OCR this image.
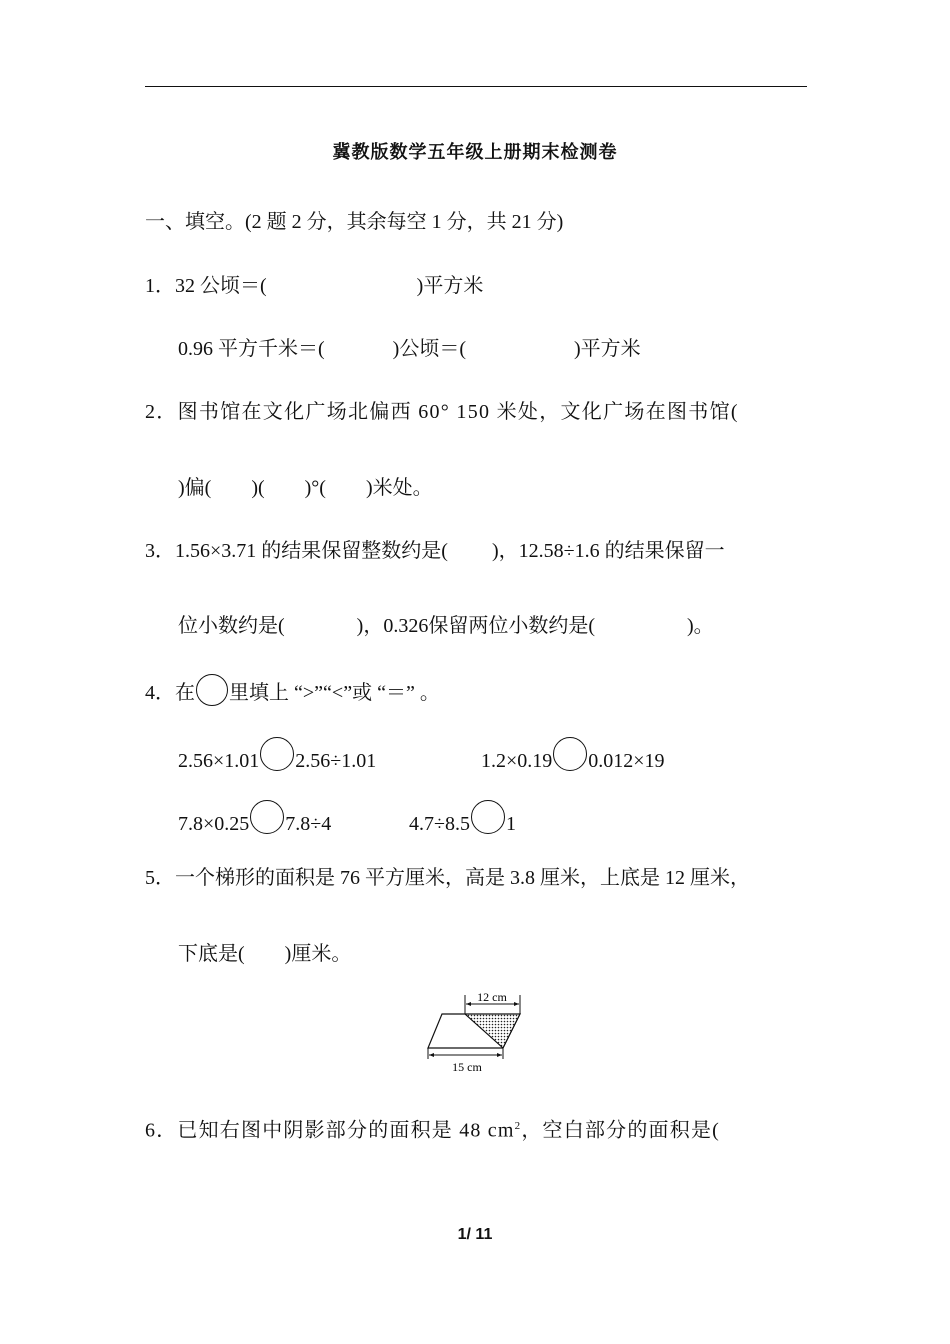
冀教版数学五年级上册期末检测卷
一、填空。(2 题 2 分，其余每空 1 分，共 21 分)
1．32 公顷＝(	)平方米
0.96 平方千米＝(	)公顷＝(	)平方米
2．图书馆在文化广场北偏西 60° 150 米处，文化广场在图书馆(
)偏(        )(        )°(        )米处。
3．1.56×3.71 的结果保留整数约是( )，12.58÷1.6 的结果保留一
位小数约是(	)，0.326保留两位小数约是(	)。
4．在 里填上 “>”“<”或 “＝” 。
2.56×1.01 2.56÷1.01	1.2×0.19 0.012×19
7.8×0.25 7.8÷4	4.7÷8.5 1
5．一个梯形的面积是 76 平方厘米，高是 3.8 厘米，上底是 12 厘米，
下底是(        )厘米。
12 cm
15 cm
6．已知右图中阴影部分的面积是 48 $cm^2$，空白部分的面积是(
1/ 11
